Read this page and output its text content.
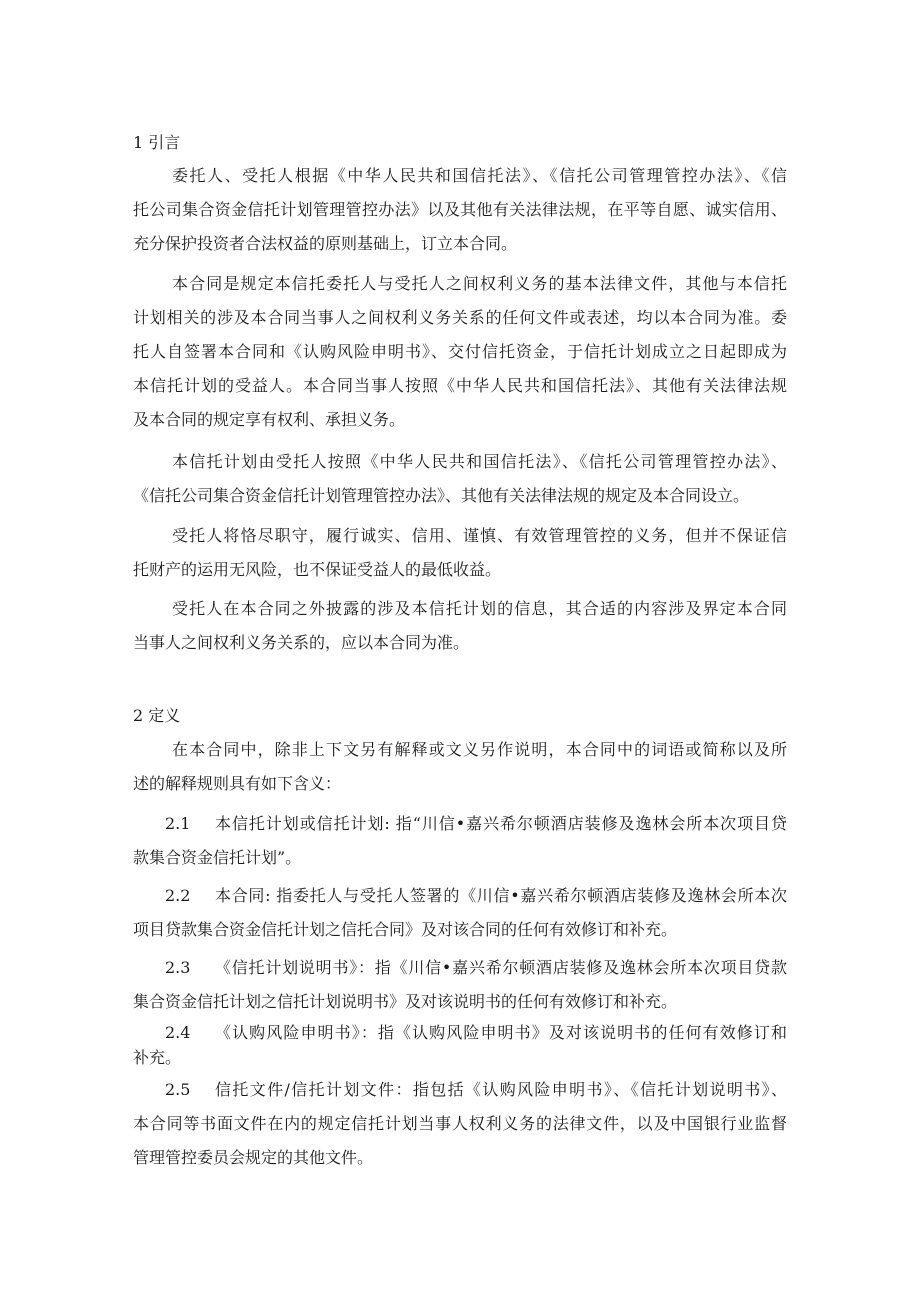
1 引言
委托人、受托人根据《中华人民共和国信托法》、《信托公司管理管控办法》、《信
托公司集合资金信托计划管理管控办法》以及其他有关法律法规，在平等自愿、诚实信用、
充分保护投资者合法权益的原则基础上，订立本合同。
本合同是规定本信托委托人与受托人之间权利义务的基本法律文件，其他与本信托
计划相关的涉及本合同当事人之间权利义务关系的任何文件或表述，均以本合同为准。委
托人自签署本合同和《认购风险申明书》、交付信托资金，于信托计划成立之日起即成为
本信托计划的受益人。本合同当事人按照《中华人民共和国信托法》、其他有关法律法规
及本合同的规定享有权利、承担义务。
本信托计划由受托人按照《中华人民共和国信托法》、《信托公司管理管控办法》、
《信托公司集合资金信托计划管理管控办法》、其他有关法律法规的规定及本合同设立。
受托人将恪尽职守，履行诚实、信用、谨慎、有效管理管控的义务，但并不保证信
托财产的运用无风险，也不保证受益人的最低收益。
受托人在本合同之外披露的涉及本信托计划的信息，其合适的内容涉及界定本合同
当事人之间权利义务关系的，应以本合同为准。
2 定义
在本合同中，除非上下文另有解释或文义另作说明，本合同中的词语或简称以及所
述的解释规则具有如下含义：
2.1	本信托计划或信托计划: 指“川信•嘉兴希尔顿酒店装修及逸林会所本次项目贷
款集合资金信托计划”。
2.2	本合同: 指委托人与受托人签署的《川信•嘉兴希尔顿酒店装修及逸林会所本次
项目贷款集合资金信托计划之信托合同》及对该合同的任何有效修订和补充。
2.3	《信托计划说明书》：指《川信•嘉兴希尔顿酒店装修及逸林会所本次项目贷款
集合资金信托计划之信托计划说明书》及对该说明书的任何有效修订和补充。
2.4	《认购风险申明书》：指《认购风险申明书》及对该说明书的任何有效修订和
补充。
2.5	信托文件/信托计划文件：指包括《认购风险申明书》、《信托计划说明书》、
本合同等书面文件在内的规定信托计划当事人权利义务的法律文件，以及中国银行业监督
管理管控委员会规定的其他文件。
